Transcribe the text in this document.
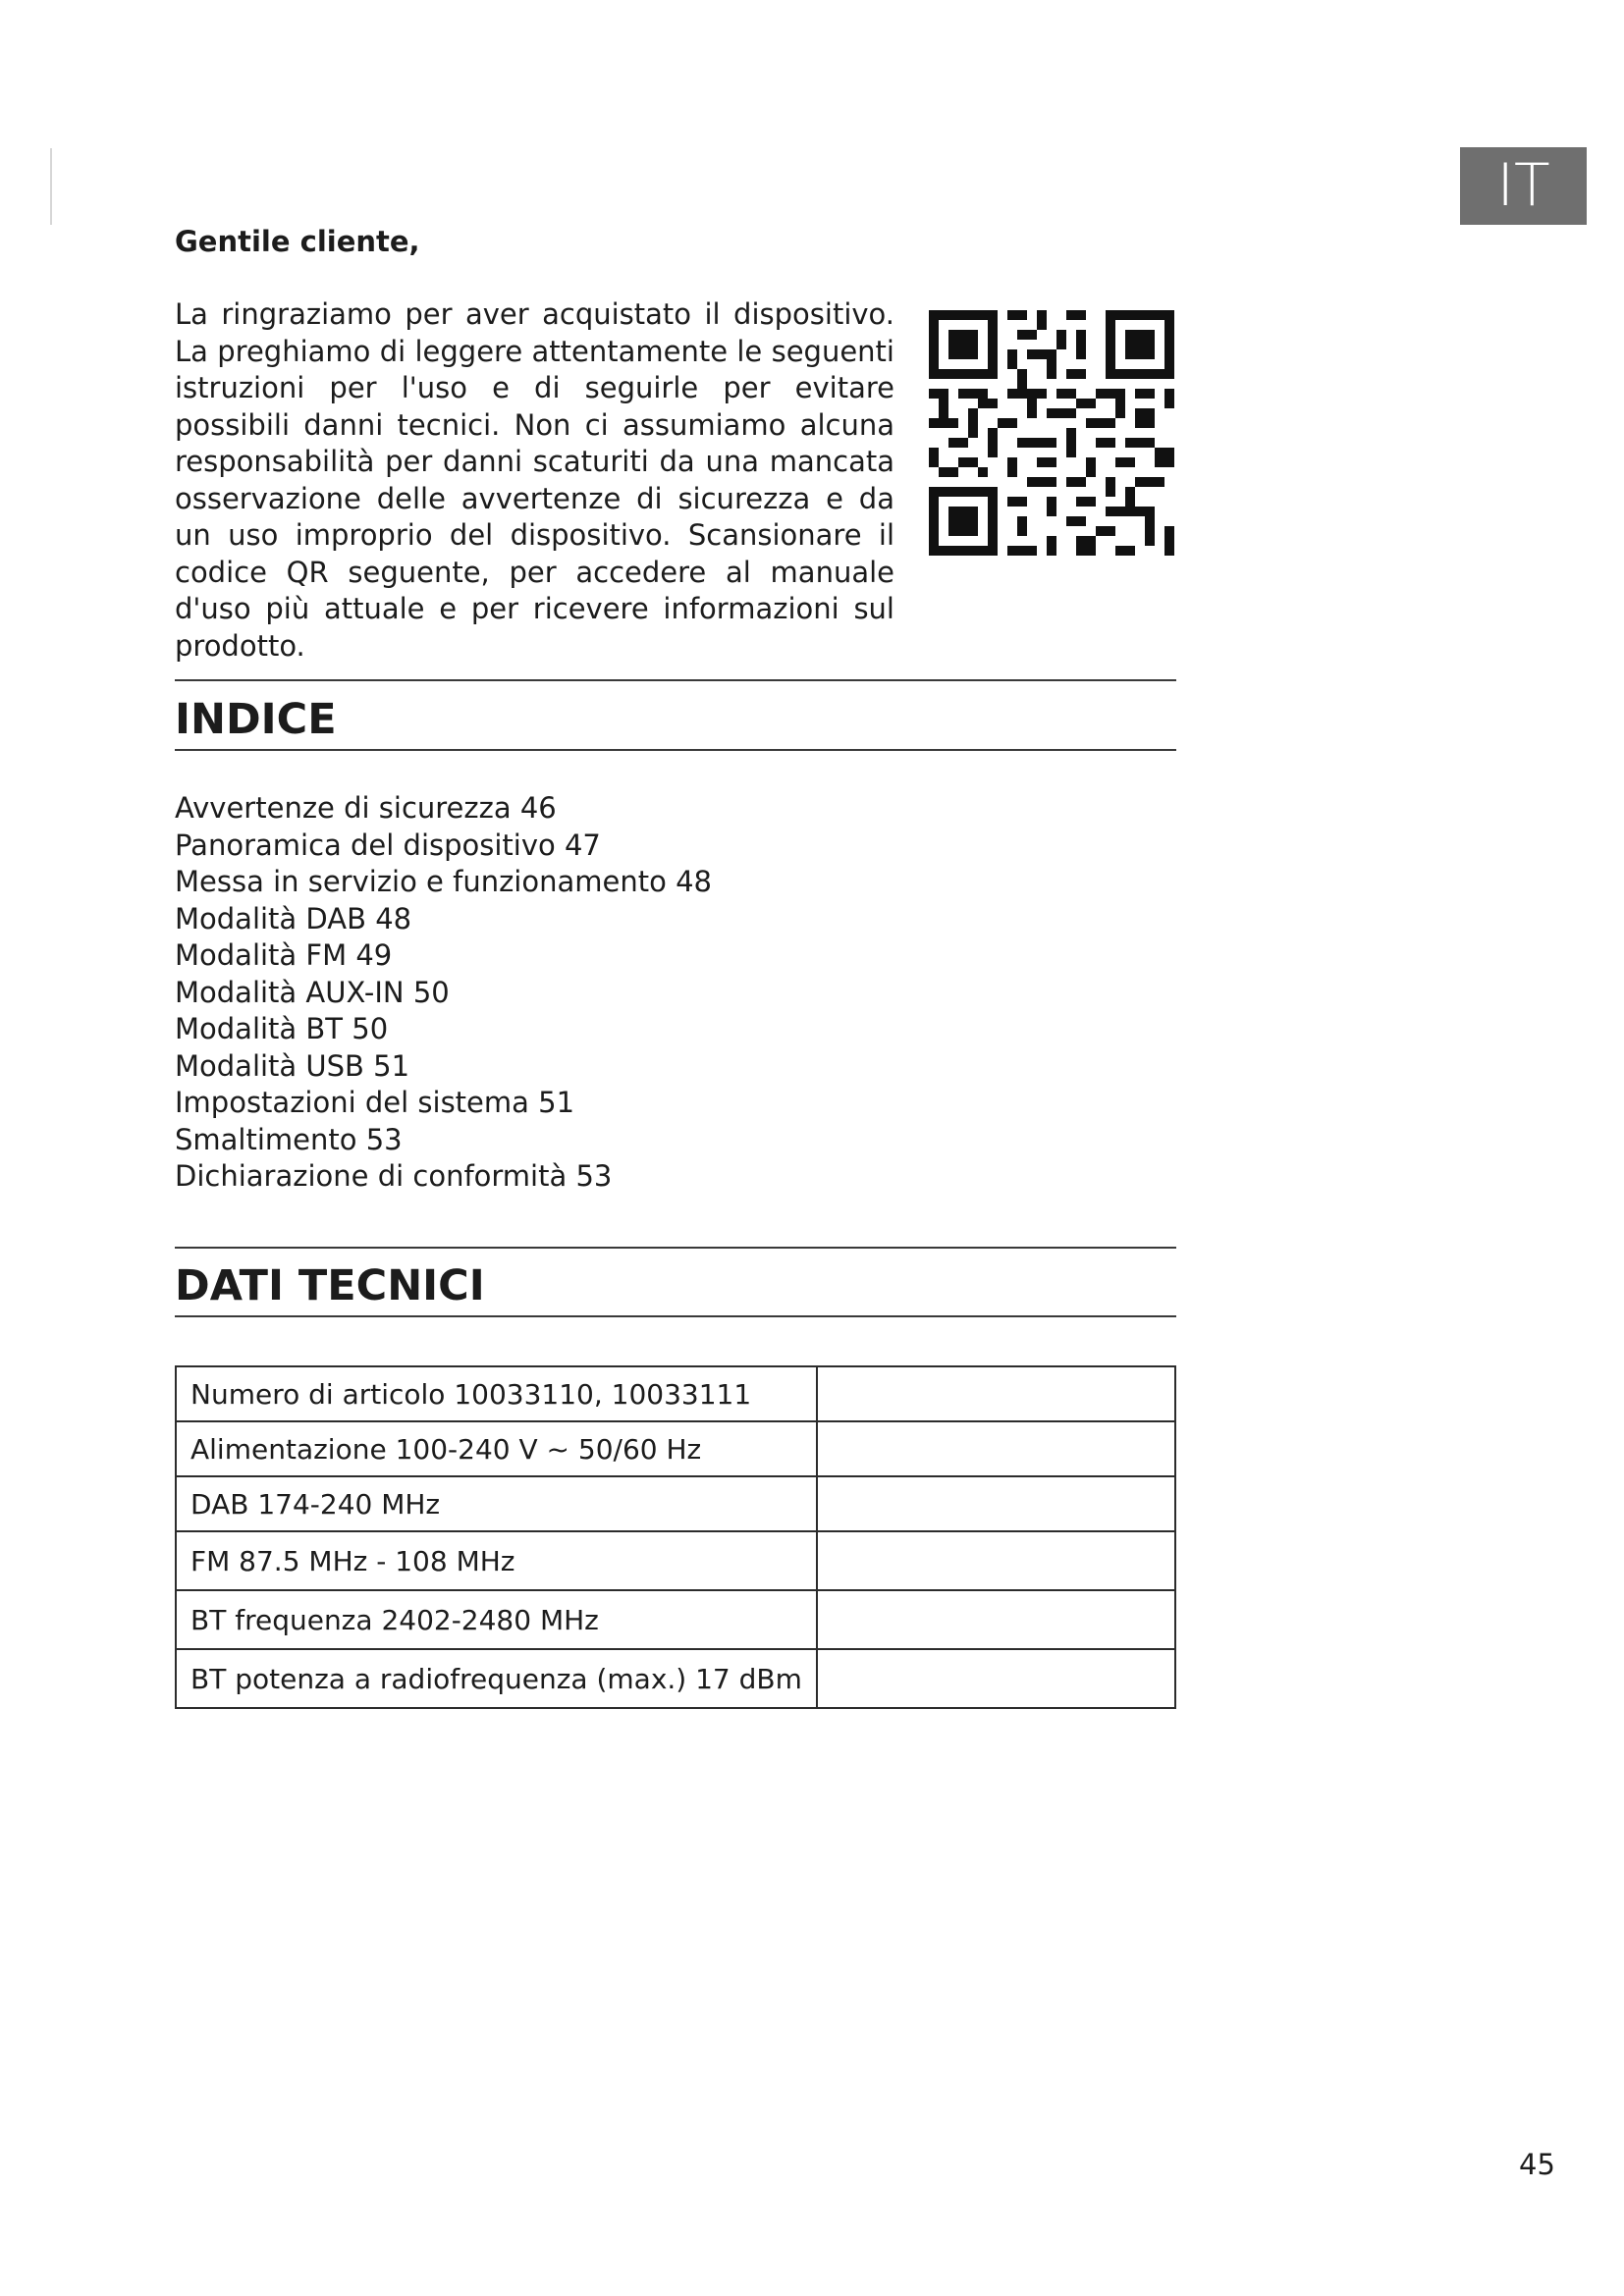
IT

Gentile cliente,

La ringraziamo per aver acquistato il dispositivo. La preghiamo di leggere attentamente le seguenti istruzioni per l'uso e di seguirle per evitare possibili danni tecnici. Non ci assumiamo alcuna responsabilità per danni scaturiti da una mancata osservazione delle avvertenze di sicurezza e da un uso improprio del dispositivo. Scansionare il codice QR seguente, per accedere al manuale d'uso più attuale e per ricevere informazioni sul prodotto.

INDICE
Avvertenze di sicurezza 46
Panoramica del dispositivo 47
Messa in servizio e funzionamento 48
Modalità DAB 48
Modalità FM 49
Modalità AUX-IN 50
Modalità BT 50
Modalità USB 51
Impostazioni del sistema 51
Smaltimento 53
Dichiarazione di conformità 53
DATI TECNICI
Numero di articolo 10033110, 10033111	
Alimentazione 100-240 V ~ 50/60 Hz	
DAB 174-240 MHz	
FM 87.5 MHz - 108 MHz	
BT frequenza 2402-2480 MHz	
BT potenza a radiofrequenza (max.) 17 dBm	
45
